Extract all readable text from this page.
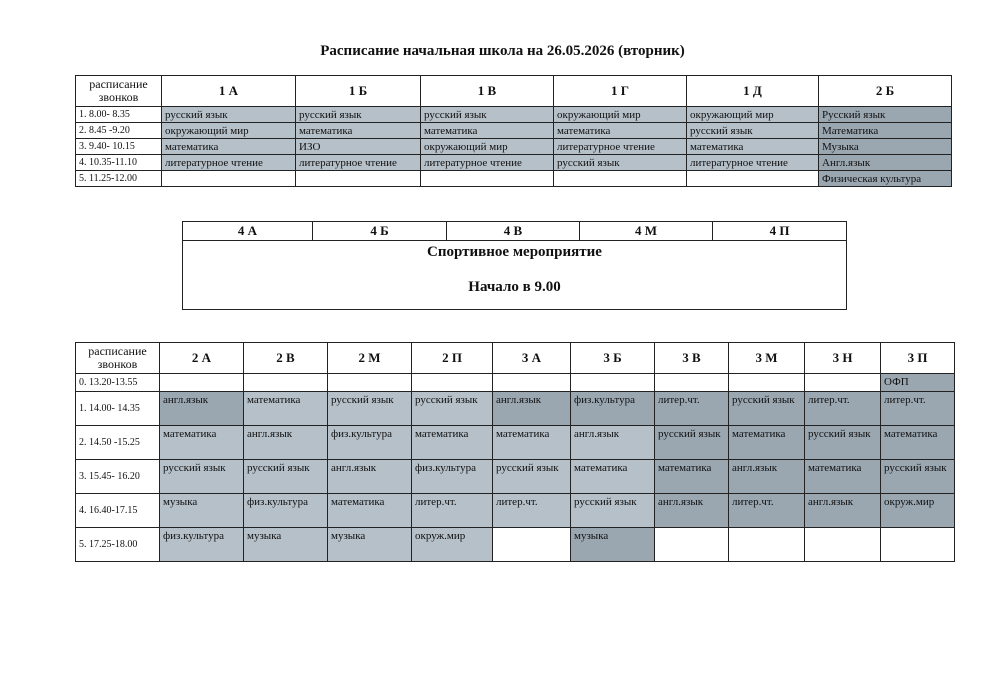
Расписание начальная школа на 26.05.2026 (вторник)
расписание звонков	1 А	1 Б	1 В	1 Г	1 Д	2 Б
1. 8.00- 8.35	русский язык	русский язык	русский язык	окружающий мир	окружающий мир	Русский язык
2. 8.45 -9.20	окружающий мир	математика	математика	математика	русский язык	Математика
3. 9.40- 10.15	математика	ИЗО	окружающий мир	литературное чтение	математика	Музыка
4. 10.35-11.10	литературное чтение	литературное чтение	литературное чтение	русский язык	литературное чтение	Англ.язык
5. 11.25-12.00						Физическая культура
4 А	4 Б	4 В	4 М	4 П

Спортивное мероприятие
Начало в 9.00
расписание звонков	2 А	2 В	2 М	2 П	3 А	3 Б	3 В	3 М	3 Н	3 П
0. 13.20-13.55										ОФП
1. 14.00- 14.35	англ.язык	математика	русский язык	русский язык	англ.язык	физ.культура	литер.чт.	русский язык	литер.чт.	литер.чт.
2. 14.50 -15.25	математика	англ.язык	физ.культура	математика	математика	англ.язык	русский язык	математика	русский язык	математика
3. 15.45- 16.20	русский язык	русский язык	англ.язык	физ.культура	русский язык	математика	математика	англ.язык	математика	русский язык
4. 16.40-17.15	музыка	физ.культура	математика	литер.чт.	литер.чт.	русский язык	англ.язык	литер.чт.	англ.язык	окруж.мир
5. 17.25-18.00	физ.культура	музыка	музыка	окруж.мир		музыка				
